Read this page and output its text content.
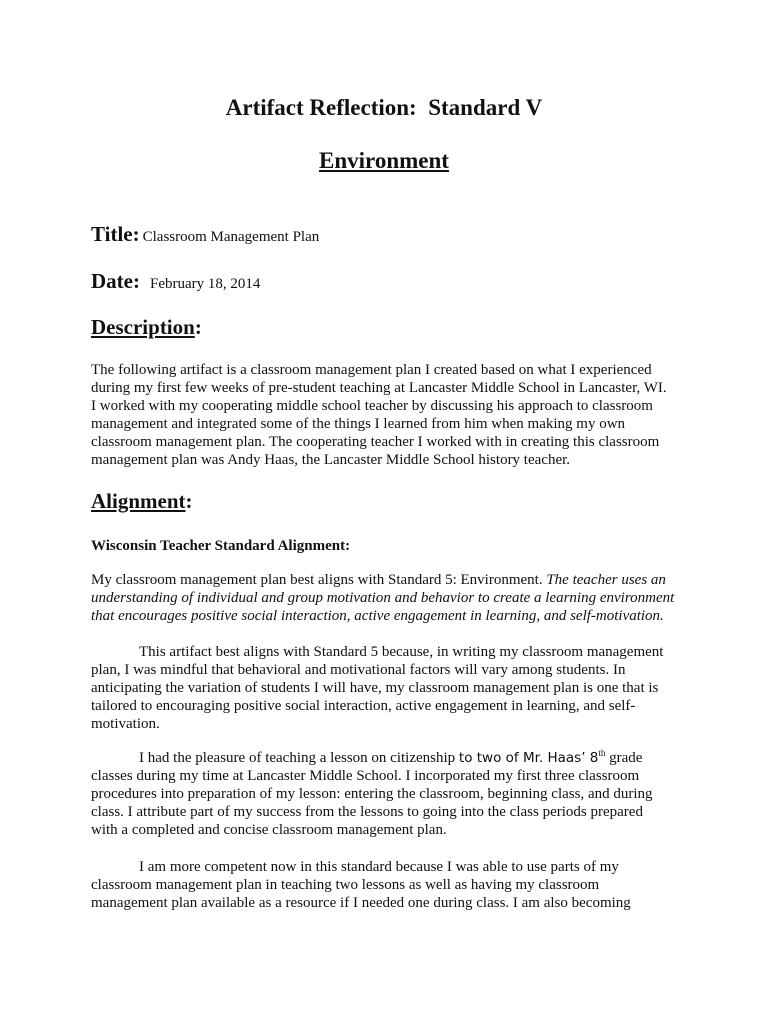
Artifact Reflection:  Standard V
Environment
Title: Classroom Management Plan
Date: February 18, 2014
Description:
The following artifact is a classroom management plan I created based on what I experienced
during my first few weeks of pre-student teaching at Lancaster Middle School in Lancaster, WI.
I worked with my cooperating middle school teacher by discussing his approach to classroom
management and integrated some of the things I learned from him when making my own
classroom management plan. The cooperating teacher I worked with in creating this classroom
management plan was Andy Haas, the Lancaster Middle School history teacher.
Alignment:
Wisconsin Teacher Standard Alignment:
My classroom management plan best aligns with Standard 5: Environment. The teacher uses an
understanding of individual and group motivation and behavior to create a learning environment
that encourages positive social interaction, active engagement in learning, and self-motivation.
This artifact best aligns with Standard 5 because, in writing my classroom management
plan, I was mindful that behavioral and motivational factors will vary among students. In
anticipating the variation of students I will have, my classroom management plan is one that is
tailored to encouraging positive social interaction, active engagement in learning, and self-
motivation.
I had the pleasure of teaching a lesson on citizenship to two of Mr. Haas’ 8th grade
classes during my time at Lancaster Middle School. I incorporated my first three classroom
procedures into preparation of my lesson: entering the classroom, beginning class, and during
class. I attribute part of my success from the lessons to going into the class periods prepared
with a completed and concise classroom management plan.
I am more competent now in this standard because I was able to use parts of my
classroom management plan in teaching two lessons as well as having my classroom
management plan available as a resource if I needed one during class. I am also becoming
